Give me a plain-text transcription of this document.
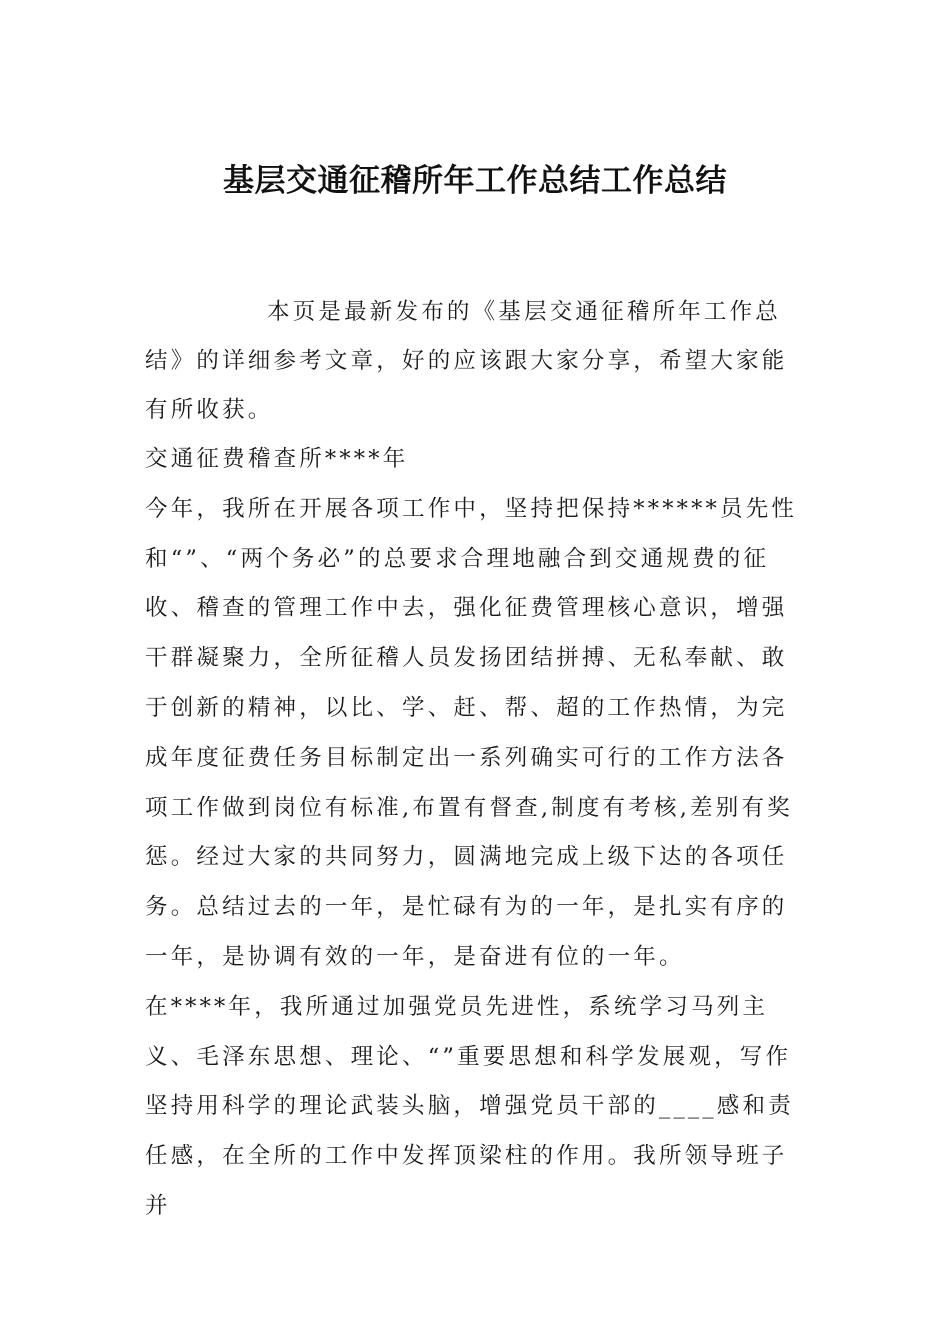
基层交通征稽所年工作总结工作总结

本页是最新发布的《基层交通征稽所年工作总结》的详细参考文章，好的应该跟大家分享，希望大家能有所收获。

交通征费稽查所****年

今年，我所在开展各项工作中，坚持把保持******员先性和“”、“两个务必”的总要求合理地融合到交通规费的征收、稽查的管理工作中去，强化征费管理核心意识，增强干群凝聚力，全所征稽人员发扬团结拼搏、无私奉献、敢于创新的精神，以比、学、赶、帮、超的工作热情，为完成年度征费任务目标制定出一系列确实可行的工作方法各项工作做到岗位有标准,布置有督查,制度有考核,差别有奖惩。经过大家的共同努力，圆满地完成上级下达的各项任务。总结过去的一年，是忙碌有为的一年，是扎实有序的一年，是协调有效的一年，是奋进有位的一年。

在****年，我所通过加强党员先进性，系统学习马列主义、毛泽东思想、理论、“”重要思想和科学发展观，写作坚持用科学的理论武装头脑，增强党员干部的____感和责任感，在全所的工作中发挥顶梁柱的作用。我所领导班子并
